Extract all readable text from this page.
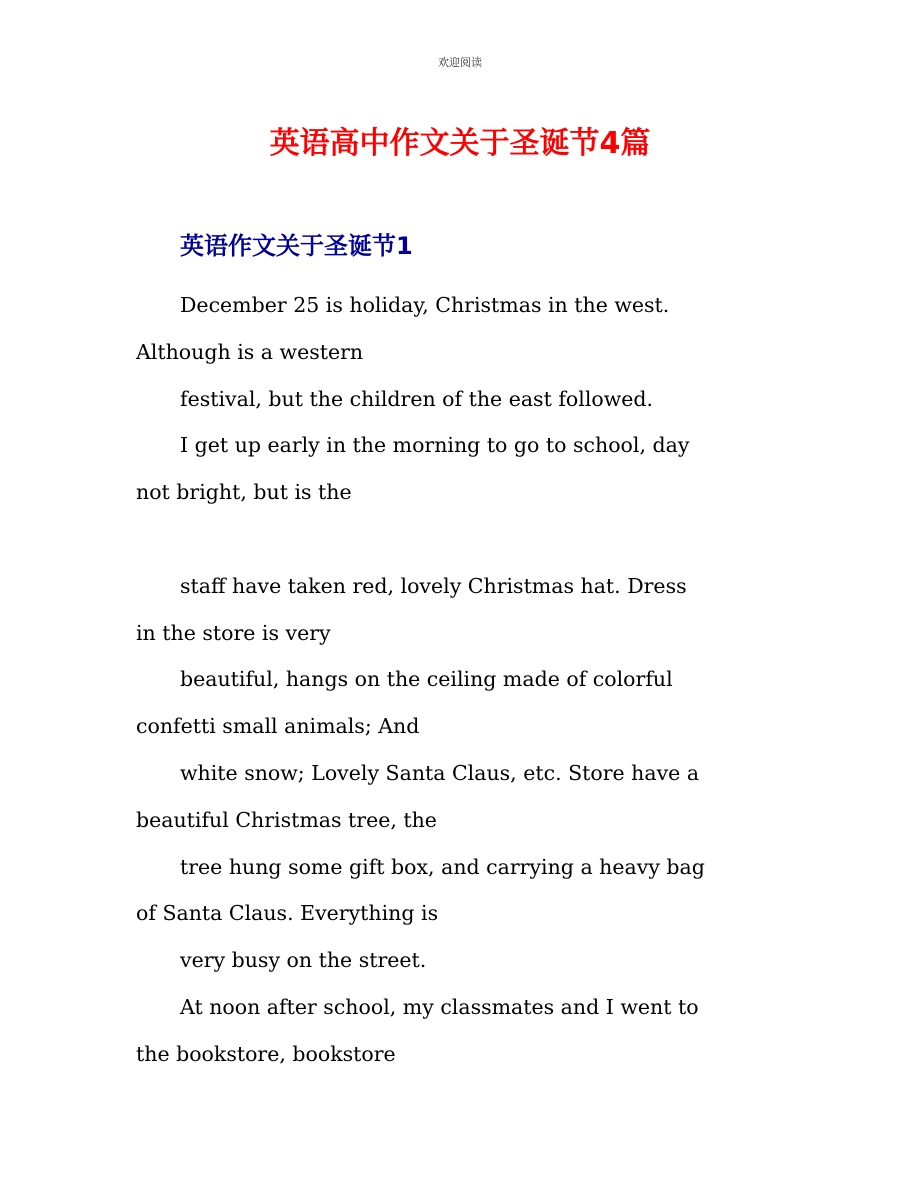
欢迎阅读
英语高中作文关于圣诞节4篇
英语作文关于圣诞节1
December 25 is holiday, Christmas in the west.
Although is a western
festival, but the children of the east followed.
I get up early in the morning to go to school, day
not bright, but is the
staff have taken red, lovely Christmas hat. Dress
in the store is very
beautiful, hangs on the ceiling made of colorful
confetti small animals; And
white snow; Lovely Santa Claus, etc. Store have a
beautiful Christmas tree, the
tree hung some gift box, and carrying a heavy bag
of Santa Claus. Everything is
very busy on the street.
At noon after school, my classmates and I went to
the bookstore, bookstore
